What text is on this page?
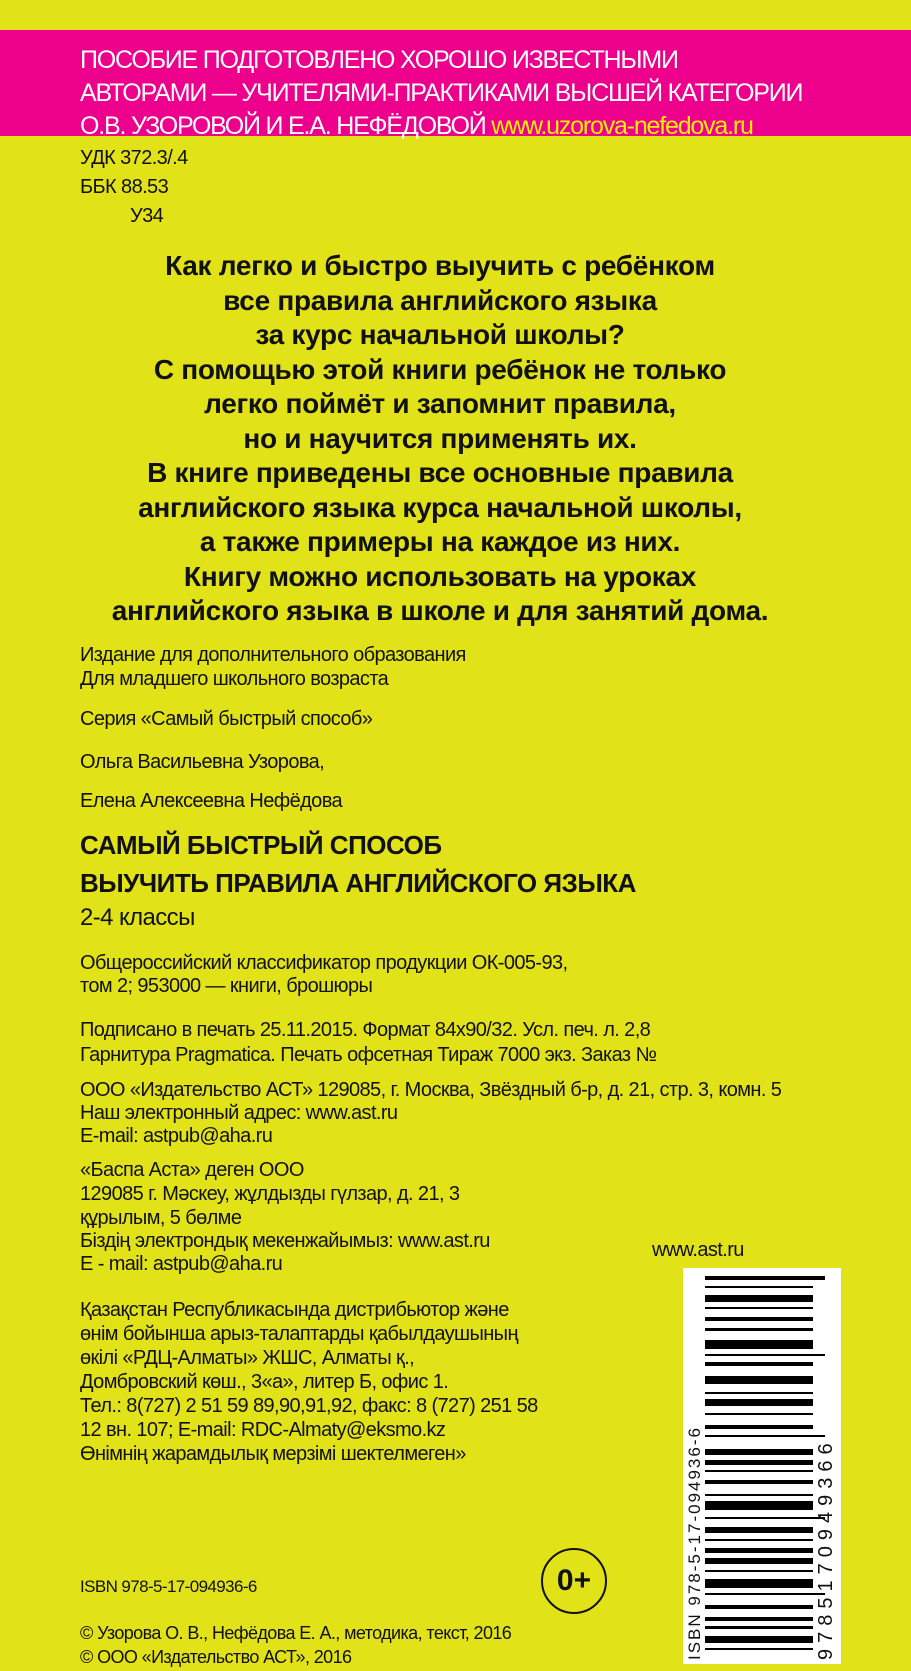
ПОСОБИЕ ПОДГОТОВЛЕНО ХОРОШО ИЗВЕСТНЫМИ
АВТОРАМИ — УЧИТЕЛЯМИ-ПРАКТИКАМИ ВЫСШЕЙ КАТЕГОРИИ
О.В. УЗОРОВОЙ И Е.А. НЕФЁДОВОЙ www.uzorova-nefedova.ru
УДК 372.3/.4
ББК 88.53
У34
Как легко и быстро выучить с ребёнком
все правила английского языка
за курс начальной школы?
С помощью этой книги ребёнок не только
легко поймёт и запомнит правила,
но и научится применять их.
В книге приведены все основные правила
английского языка курса начальной школы,
а также примеры на каждое из них.
Книгу можно использовать на уроках
английского языка в школе и для занятий дома.
Издание для дополнительного образования
Для младшего школьного возраста
Серия «Самый быстрый способ»
Ольга Васильевна Узорова,
Елена Алексеевна Нефёдова
САМЫЙ БЫСТРЫЙ СПОСОБ
ВЫУЧИТЬ ПРАВИЛА АНГЛИЙСКОГО ЯЗЫКА
2-4 классы
Общероссийский классификатор продукции ОК-005-93,
том 2; 953000 — книги, брошюры
Подписано в печать 25.11.2015. Формат 84x90/32. Усл. печ. л. 2,8
Гарнитура Pragmatica. Печать офсетная Тираж 7000 экз. Заказ №
ООО «Издательство АСТ» 129085, г. Москва, Звёздный б-р, д. 21, стр. 3, комн. 5
Наш электронный адрес: www.ast.ru
E-mail: astpub@aha.ru
«Баспа Аста» деген ООО
129085 г. Мәскеу, жұлдызды гүлзар, д. 21, 3
құрылым, 5 бөлме
Біздің электрондық мекенжайымыз: www.ast.ru
E - mail: astpub@aha.ru
www.ast.ru
Қазақстан Республикасында дистрибьютор және
өнім бойынша арыз-талаптарды қабылдаушының
өкілі «РДЦ-Алматы» ЖШС, Алматы қ.,
Домбровский көш., 3«а», литер Б, офис 1.
Тел.: 8(727) 2 51 59 89,90,91,92, факс: 8 (727) 251 58
12 вн. 107; E-mail: RDC-Almaty@eksmo.kz
Өнімнің жарамдылық мерзімі шектелмеген»
ISBN 978-5-17-094936-6	0+
© Узорова О. В., Нефёдова Е. А., методика, текст, 2016
© ООО «Издательство АСТ», 2016	ISBN 978-5-17-094936-6	9785170949366
